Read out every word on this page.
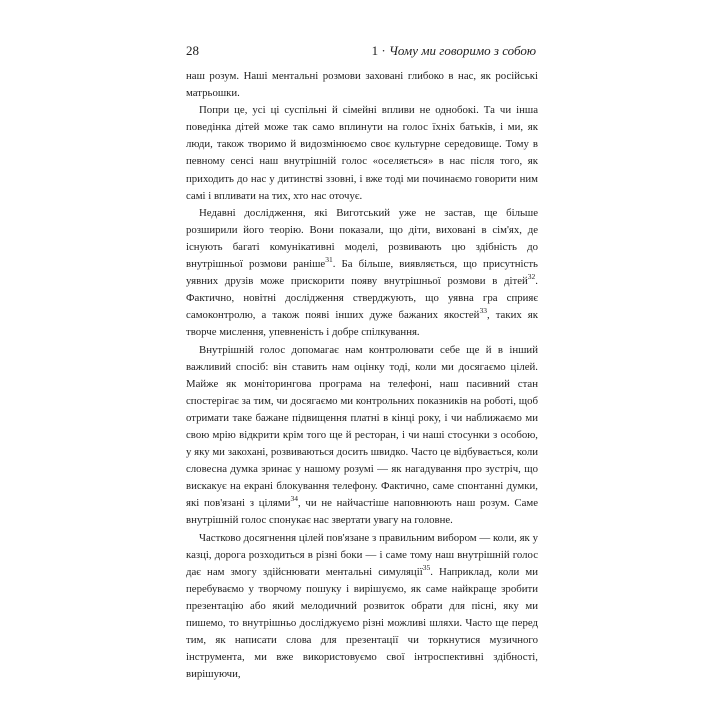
28	1 · Чому ми говоримо з собою

наш розум. Наші ментальні розмови заховані глибоко в нас, як російські матрьошки.

Попри це, усі ці суспільні й сімейні впливи не однобокі. Та чи інша поведінка дітей може так само вплинути на голос їхніх батьків, і ми, як люди, також творимо й видозмінюємо своє культурне середовище. Тому в певному сенсі наш внутрішній голос «оселяється» в нас після того, як приходить до нас у дитинстві ззовні, і вже тоді ми починаємо говорити ним самі і впливати на тих, хто нас оточує.

Недавні дослідження, які Виготський уже не застав, ще більше розширили його теорію. Вони показали, що діти, виховані в сім'ях, де існують багаті комунікативні моделі, розвивають цю здібність до внутрішньої розмови раніше$^{31}$. Ба більше, виявляється, що присутність уявних друзів може прискорити появу внутрішньої розмови в дітей$^{32}$. Фактично, новітні дослідження стверджують, що уявна гра сприяє самоконтролю, а також появі інших дуже бажаних якостей$^{33}$, таких як творче мислення, упевненість і добре спілкування.

Внутрішній голос допомагає нам контролювати себе ще й в інший важливий спосіб: він ставить нам оцінку тоді, коли ми досягаємо цілей. Майже як моніторингова програма на телефоні, наш пасивний стан спостерігає за тим, чи досягаємо ми контрольних показників на роботі, щоб отримати таке бажане підвищення платні в кінці року, і чи наближаємо ми свою мрію відкрити крім того ще й ресторан, і чи наші стосунки з особою, у яку ми закохані, розвиваються досить швидко. Часто це відбувається, коли словесна думка зринає у нашому розумі — як нагадування про зустріч, що вискакує на екрані блокування телефону. Фактично, саме спонтанні думки, які пов'язані з цілями$^{34}$, чи не найчастіше наповнюють наш розум. Саме внутрішній голос спонукає нас звертати увагу на головне.

Частково досягнення цілей пов'язане з правильним вибором — коли, як у казці, дорога розходиться в різні боки — і саме тому наш внутрішній голос дає нам змогу здійснювати ментальні симуляції$^{35}$. Наприклад, коли ми перебуваємо у творчому пошуку і вирішуємо, як саме найкраще зробити презентацію або який мелодичний розвиток обрати для пісні, яку ми пишемо, то внутрішньо досліджуємо різні можливі шляхи. Часто ще перед тим, як написати слова для презентації чи торкнутися музичного інструмента, ми вже використовуємо свої інтроспективні здібності, вирішуючи,
